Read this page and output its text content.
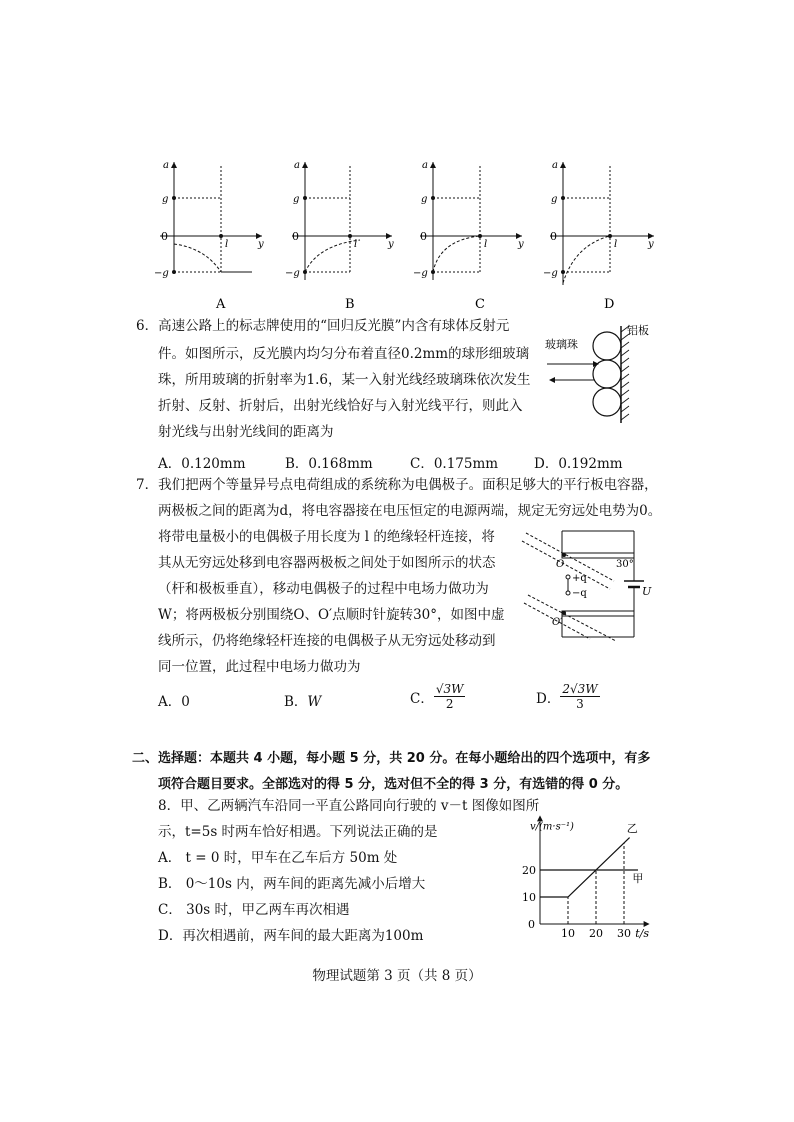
a
g
0
−g
l	y
A
a
g
0
−g
l	y
B
a
g
0
−g
l	y
C
a
g
0
−g
l	y
D
6．高速公路上的标志牌使用的“回归反光膜”内含有球体反射元
件。如图所示，反光膜内均匀分布着直径0.2mm的球形细玻璃
珠，所用玻璃的折射率为1.6，某一入射光线经玻璃珠依次发生
折射、反射、折射后，出射光线恰好与入射光线平行，则此入
射光线与出射光线间的距离为
玻璃珠
铝板
A．0.120mm	B．0.168mm	C．0.175mm	D．0.192mm
7．我们把两个等量异号点电荷组成的系统称为电偶极子。面积足够大的平行板电容器，
两极板之间的距离为d，将电容器接在电压恒定的电源两端，规定无穷远处电势为0。
将带电量极小的电偶极子用长度为 l 的绝缘轻杆连接，将
其从无穷远处移到电容器两极板之间处于如图所示的状态
（杆和极板垂直），移动电偶极子的过程中电场力做功为
W；将两极板分别围绕O、O′点顺时针旋转30°，如图中虚
线所示，仍将绝缘轻杆连接的电偶极子从无穷远处移动到
同一位置，此过程中电场力做功为
O	30°
+q
−q
O′
U
A．0	B．W	C． $\frac{√3W}{2}$	D． $\frac{2√3W}{3}$
二、选择题：本题共 4 小题，每小题 5 分，共 20 分。在每小题给出的四个选项中，有多
项符合题目要求。全部选对的得 5 分，选对但不全的得 3 分，有选错的得 0 分。
8．甲、乙两辆汽车沿同一平直公路同向行驶的 v－t 图像如图所
示，t=5s 时两车恰好相遇。下列说法正确的是
A． t = 0 时，甲车在乙车后方 50m 处
B． 0～10s 内，两车间的距离先减小后增大
C． 30s 时，甲乙两车再次相遇
D．再次相遇前，两车间的最大距离为100m	10 20 30
10
20
0
t/s
v/(m·s⁻¹)
甲
乙
物理试题第 3 页（共 8 页）
